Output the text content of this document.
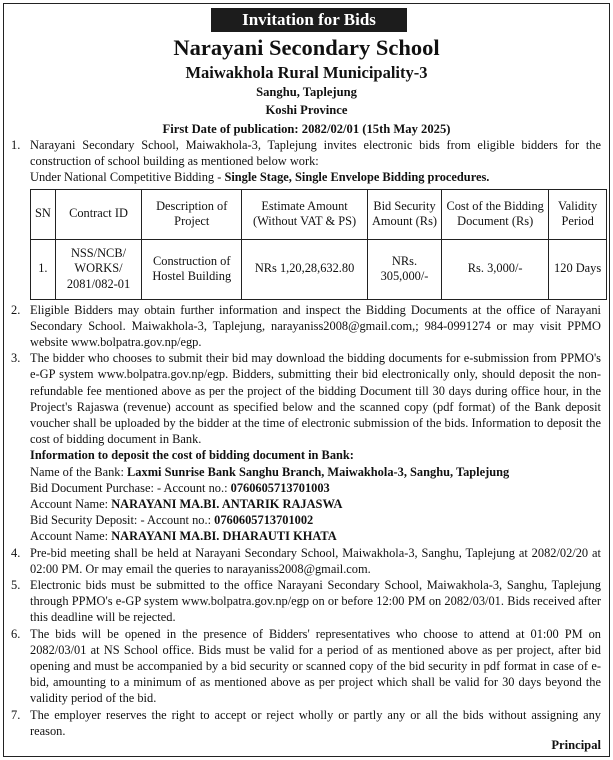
Invitation for Bids
Narayani Secondary School
Maiwakhola Rural Municipality-3
Sanghu, Taplejung
Koshi Province
First Date of publication: 2082/02/01 (15th May 2025)
1. Narayani Secondary School, Maiwakhola-3, Taplejung invites electronic bids from eligible bidders for the construction of school building as mentioned below work:
Under National Competitive Bidding - Single Stage, Single Envelope Bidding procedures.
SN	Contract ID	Description of Project	Estimate Amount (Without VAT & PS)	Bid Security Amount (Rs)	Cost of the Bidding Document (Rs)	Validity Period
1.	NSS/NCB/ WORKS/ 2081/082-01	Construction of Hostel Building	NRs 1,20,28,632.80	NRs. 305,000/-	Rs. 3,000/-	120 Days
2. Eligible Bidders may obtain further information and inspect the Bidding Documents at the office of Narayani Secondary School. Maiwakhola-3, Taplejung, narayaniss2008@gmail.com,; 984-0991274 or may visit PPMO website www.bolpatra.gov.np/egp.
3. The bidder who chooses to submit their bid may download the bidding documents for e-submission from PPMO's e-GP system www.bolpatra.gov.np/egp. Bidders, submitting their bid electronically only, should deposit the non-refundable fee mentioned above as per the project of the bidding Document till 30 days during office hour, in the Project's Rajaswa (revenue) account as specified below and the scanned copy (pdf format) of the Bank deposit voucher shall be uploaded by the bidder at the time of electronic submission of the bids. Information to deposit the cost of bidding document in Bank.
Information to deposit the cost of bidding document in Bank:
Name of the Bank: Laxmi Sunrise Bank Sanghu Branch, Maiwakhola-3, Sanghu, Taplejung
Bid Document Purchase: - Account no.: 0760605713701003
Account Name: NARAYANI MA.BI. ANTARIK RAJASWA
Bid Security Deposit: - Account no.: 0760605713701002
Account Name: NARAYANI MA.BI. DHARAUTI KHATA
4. Pre-bid meeting shall be held at Narayani Secondary School, Maiwakhola-3, Sanghu, Taplejung at 2082/02/20 at 02:00 PM. Or may email the queries to narayaniss2008@gmail.com.
5. Electronic bids must be submitted to the office Narayani Secondary School, Maiwakhola-3, Sanghu, Taplejung through PPMO's e-GP system www.bolpatra.gov.np/egp on or before 12:00 PM on 2082/03/01. Bids received after this deadline will be rejected.
6. The bids will be opened in the presence of Bidders' representatives who choose to attend at 01:00 PM on 2082/03/01 at NS School office. Bids must be valid for a period of as mentioned above as per project, after bid opening and must be accompanied by a bid security or scanned copy of the bid security in pdf format in case of e-bid, amounting to a minimum of as mentioned above as per project which shall be valid for 30 days beyond the validity period of the bid.
7. The employer reserves the right to accept or reject wholly or partly any or all the bids without assigning any reason.
Principal
